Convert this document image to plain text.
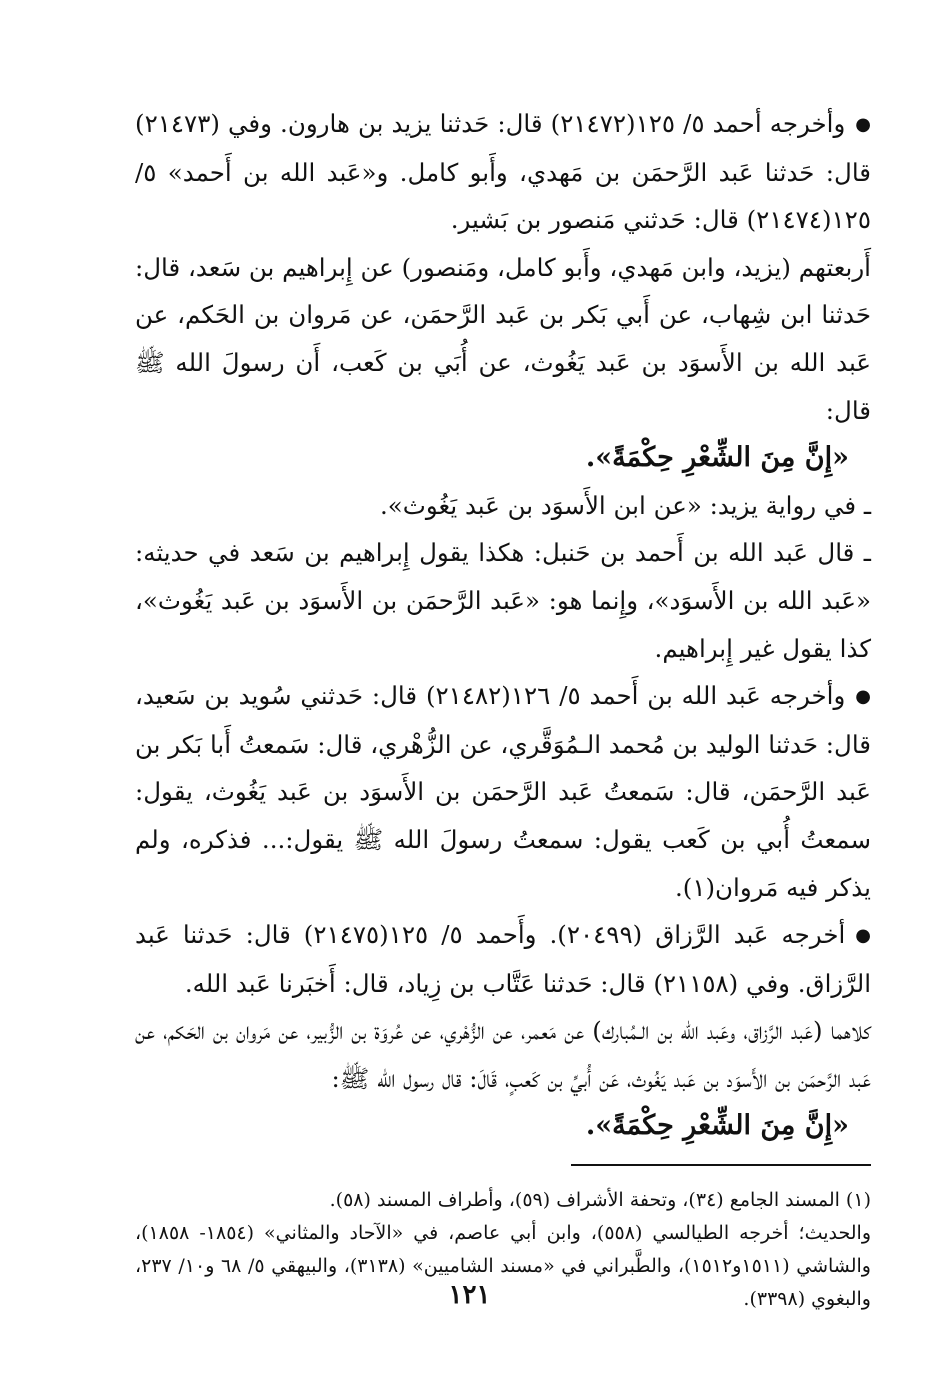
●وأخرجه أحمد ٥/ ١٢٥(٢١٤٧٢) قال: حَدثنا يزيد بن هارون. وفي (٢١٤٧٣) قال: حَدثنا عَبد الرَّحمَن بن مَهدي، وأَبو كامل. و«عَبد الله بن أَحمد» ٥/ ١٢٥(٢١٤٧٤) قال: حَدثني مَنصور بن بَشير.

أَربعتهم (يزيد، وابن مَهدي، وأَبو كامل، ومَنصور) عن إِبراهيم بن سَعد، قال: حَدثنا ابن شِهاب، عن أَبي بَكر بن عَبد الرَّحمَن، عن مَروان بن الحَكم، عن عَبد الله بن الأَسوَد بن عَبد يَغُوث، عن أُبَي بن كَعب، أَن رسولَ الله ﷺ قال:

«إِنَّ مِنَ الشِّعْرِ حِكْمَةً».

ـ في رواية يزيد: «عن ابن الأَسوَد بن عَبد يَغُوث».

ـ قال عَبد الله بن أَحمد بن حَنبل: هكذا يقول إِبراهيم بن سَعد في حديثه: «عَبد الله بن الأَسوَد»، وإِنما هو: «عَبد الرَّحمَن بن الأَسوَد بن عَبد يَغُوث»، كذا يقول غير إِبراهيم.

●وأخرجه عَبد الله بن أَحمد ٥/ ١٢٦(٢١٤٨٢) قال: حَدثني سُويد بن سَعيد، قال: حَدثنا الوليد بن مُحمد الـمُوَقَّري، عن الزُّهْري، قال: سَمعتُ أَبا بَكر بن عَبد الرَّحمَن، قال: سَمعتُ عَبد الرَّحمَن بن الأَسوَد بن عَبد يَغُوث، يقول: سمعتُ أُبي بن كَعب يقول: سمعتُ رسولَ الله ﷺ يقول:... فذكره، ولم يذكر فيه مَروان(١).

●أخرجه عَبد الرَّزاق (٢٠٤٩٩). وأَحمد ٥/ ١٢٥(٢١٤٧٥) قال: حَدثنا عَبد الرَّزاق. وفي (٢١١٥٨) قال: حَدثنا عَتَّاب بن زِياد، قال: أَخبَرنا عَبد الله.

كلاهما (عَبد الرَّزاق، وعَبد الله بن الـمُبارك) عن مَعمر، عن الزُّهْري، عن عُروَة بن الزُّبير، عن مَروان بن الحَكم، عن عَبد الرَّحمَن بن الأَسوَد بن عَبد يَغُوث، عَن أُبيِّ بن كَعبٍ، قَالَ: قال رسول الله ﷺ:

«إِنَّ مِنَ الشِّعْرِ حِكْمَةً».

(١) المسند الجامع (٣٤)، وتحفة الأشراف (٥٩)، وأطراف المسند (٥٨).

والحديث؛ أخرجه الطيالسي (٥٥٨)، وابن أبي عاصم، في «الآحاد والمثاني» (١٨٥٤- ١٨٥٨)، والشاشي (١٥١١و١٥١٢)، والطَّبراني في «مسند الشاميين» (٣١٣٨)، والبيهقي ٥/ ٦٨ و١٠/ ٢٣٧، والبغوي (٣٣٩٨).

١٢١
